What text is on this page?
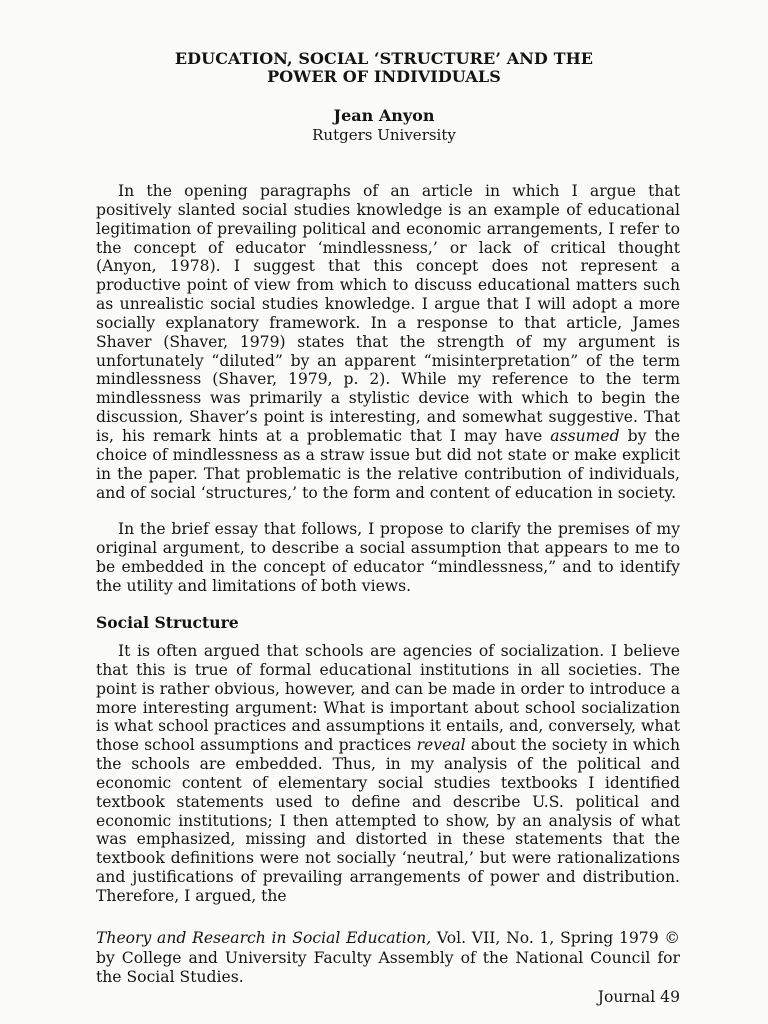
EDUCATION, SOCIAL ‘STRUCTURE’ AND THE
POWER OF INDIVIDUALS
Jean Anyon
Rutgers University

In the opening paragraphs of an article in which I argue that positively slanted social studies knowledge is an example of educational legitimation of prevailing political and economic arrangements, I refer to the concept of educator ‘mindlessness,’ or lack of critical thought (Anyon, 1978). I suggest that this concept does not represent a productive point of view from which to discuss educational matters such as unrealistic social studies knowledge. I argue that I will adopt a more socially explanatory framework. In a response to that article, James Shaver (Shaver, 1979) states that the strength of my argument is unfortunately “diluted” by an apparent “misinterpretation” of the term mindlessness (Shaver, 1979, p. 2). While my reference to the term mindlessness was primarily a stylistic device with which to begin the discussion, Shaver’s point is interesting, and somewhat suggestive. That is, his remark hints at a problematic that I may have assumed by the choice of mindlessness as a straw issue but did not state or make explicit in the paper. That problematic is the relative contribution of individuals, and of social ‘structures,’ to the form and content of education in society.

In the brief essay that follows, I propose to clarify the premises of my original argument, to describe a social assumption that appears to me to be embedded in the concept of educator “mindlessness,” and to identify the utility and limitations of both views.

Social Structure

It is often argued that schools are agencies of socialization. I believe that this is true of formal educational institutions in all societies. The point is rather obvious, however, and can be made in order to introduce a more interesting argument: What is important about school socialization is what school practices and assumptions it entails, and, conversely, what those school assumptions and practices reveal about the society in which the schools are embedded. Thus, in my analysis of the political and economic content of elementary social studies textbooks I identified textbook statements used to define and describe U.S. political and economic institutions; I then attempted to show, by an analysis of what was emphasized, missing and distorted in these statements that the textbook definitions were not socially ‘neutral,’ but were rationalizations and justifications of prevailing arrangements of power and distribution. Therefore, I argued, the

Theory and Research in Social Education, Vol. VII, No. 1, Spring 1979 © by College and University Faculty Assembly of the National Council for the Social Studies.
Journal 49
